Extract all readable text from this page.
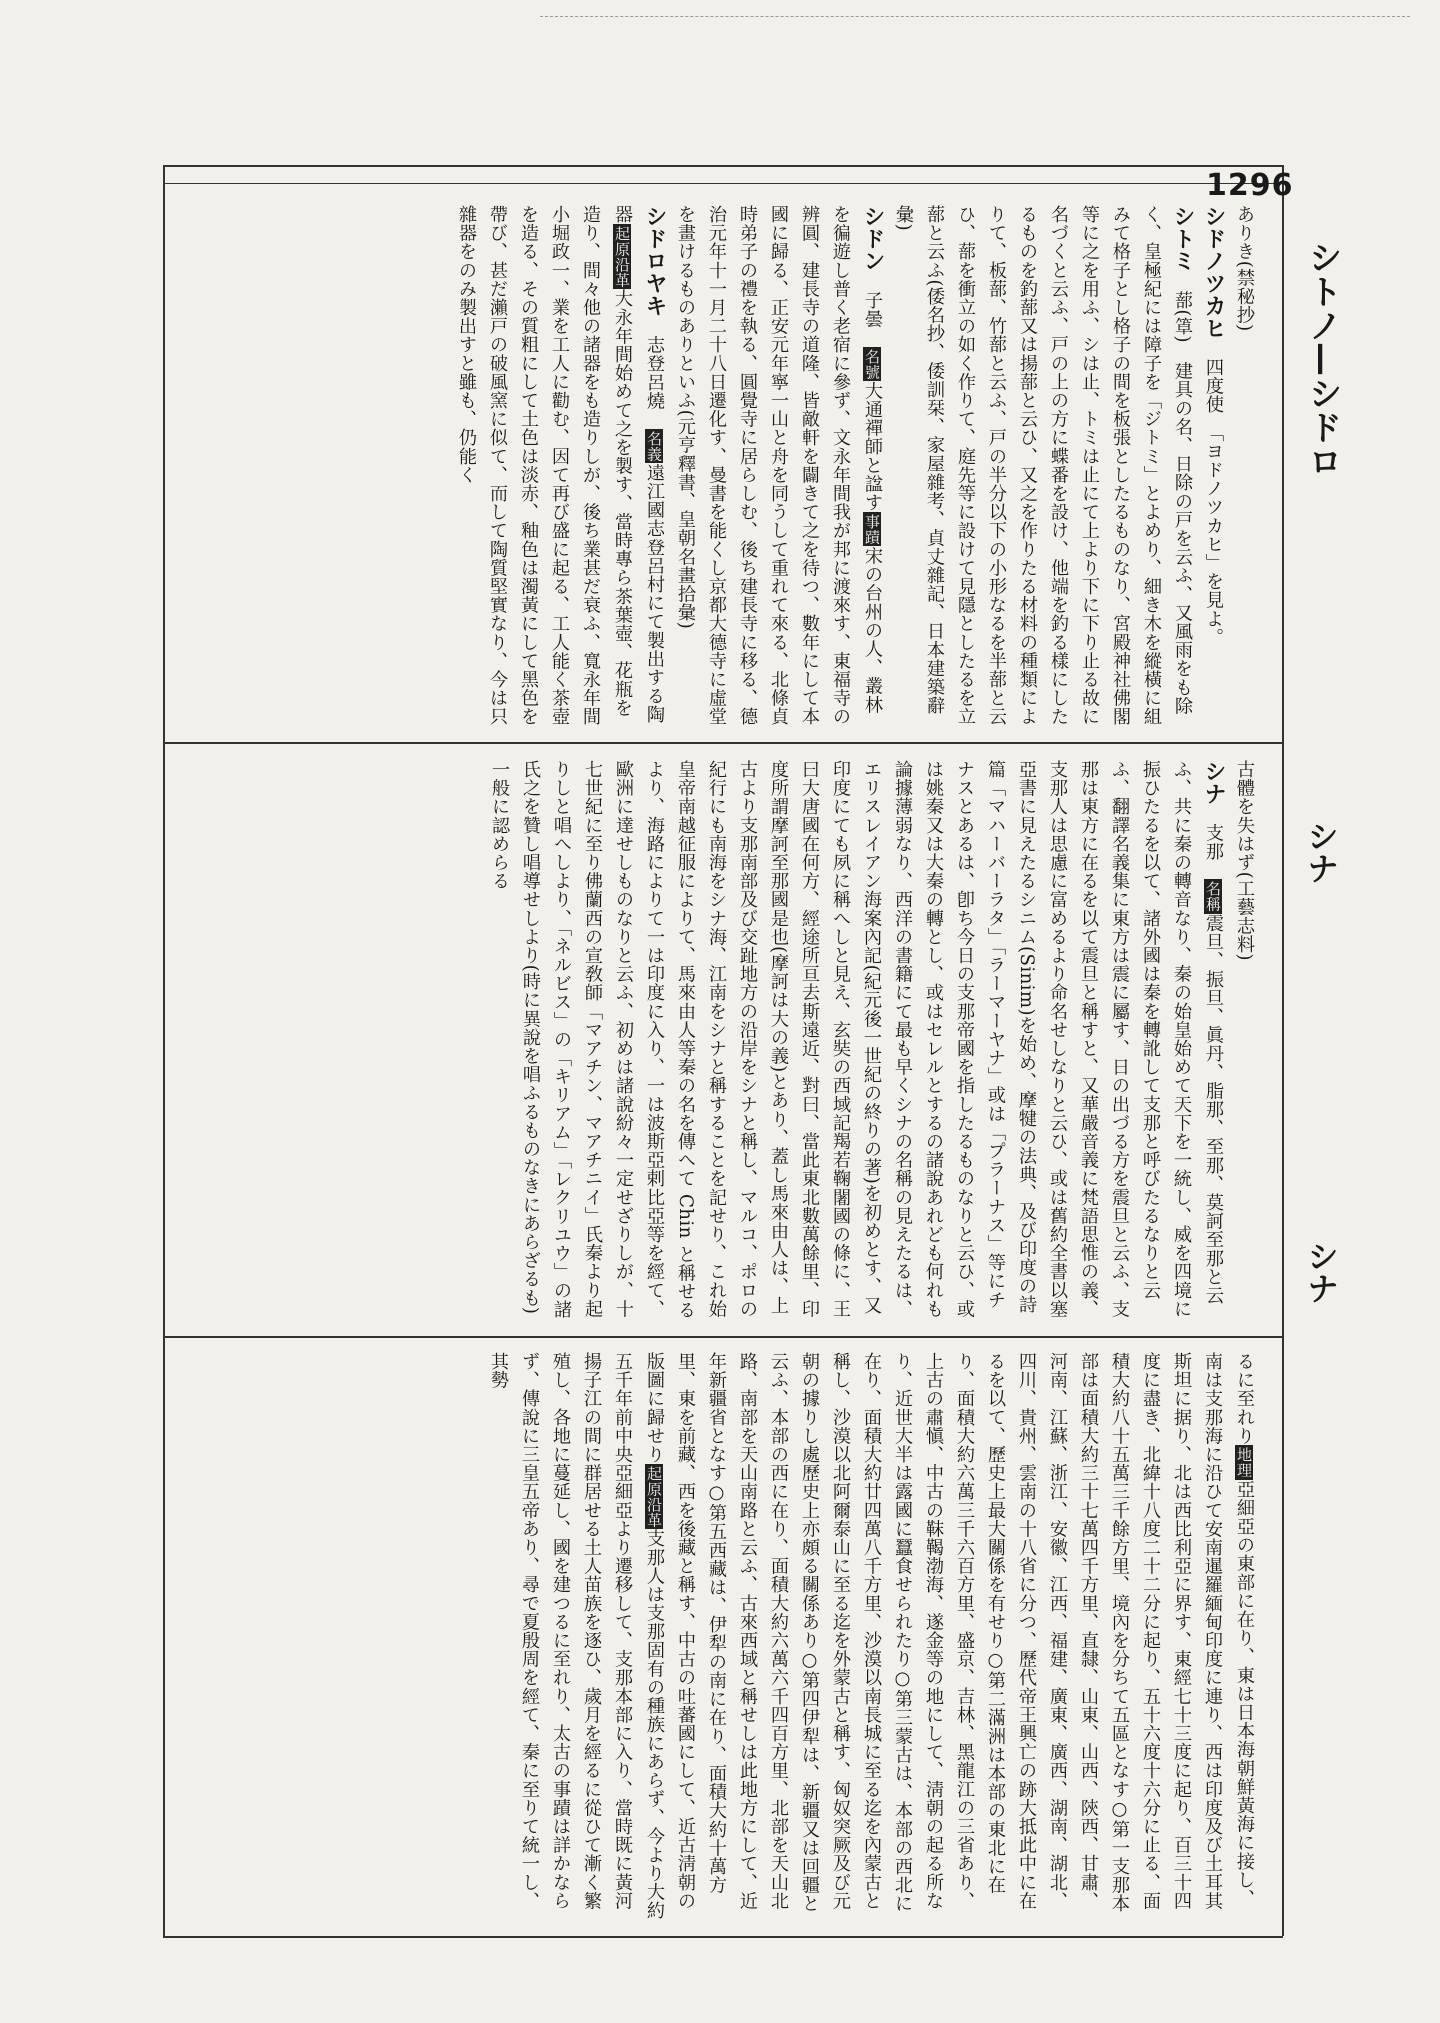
1296
シトノ—シドロ
シナ
シナ
ありき(禁秘抄)
シドノツカヒ　四度使　「ヨドノツカヒ」を見よ。
シトミ　蔀(䈇)　建具の名、日除の戸を云ふ、又風雨をも除く、皇極紀には障子を「ジトミ」とよめり、細き木を縱橫に組みて格子とし格子の間を板張としたるものなり、宮殿神社佛閣等に之を用ふ、シは止、トミは止にて上より下に下り止る故に名づくと云ふ、戸の上の方に蝶番を設け、他端を釣る樣にしたるものを釣蔀又は揚蔀と云ひ、又之を作りたる材料の種類によりて、板蔀、竹蔀と云ふ、戸の半分以下の小形なるを半蔀と云ひ、蔀を衝立の如く作りて、庭先等に設けて見隱としたるを立蔀と云ふ(倭名抄、倭訓栞、家屋雜考、貞丈雜記、日本建築辭彙)
シドン　子曇　名號大通禪師と諡す事蹟宋の台州の人、叢林を徧遊し普く老宿に參ず、文永年間我が邦に渡來す、東福寺の辨圓、建長寺の道隆、皆敵軒を闢きて之を待つ、數年にして本國に歸る、正安元年寧一山と舟を同うして重れて來る、北條貞時弟子の禮を執る、圓覺寺に居らしむ、後ち建長寺に移る、德治元年十一月二十八日遷化す、曼書を能くし京都大德寺に虛堂を畫けるものありといふ(元亨釋書、皇朝名畫拾彙)
シドロヤキ　志登呂燒　名義遠江國志登呂村にて製出する陶器起原沿革大永年間始めて之を製す、當時專ら茶葉壺、花瓶を造り、間々他の諸器をも造りしが、後ち業甚だ衰ふ、寬永年間小堀政一、業を工人に勸む、因て再び盛に起る、工人能く茶壺を造る、その質粗にして土色は淡赤、釉色は濁黃にして黑色を帶び、甚だ瀨戸の破風窯に似て、而して陶質堅實なり、今は只雜器をのみ製出すと雖も、仍能く
古體を失はず(工藝志料)
シナ　支那　名稱震旦、振旦、眞丹、脂那、至那、莫訶至那と云ふ、共に秦の轉音なり、秦の始皇始めて天下を一統し、威を四境に振ひたるを以て、諸外國は秦を轉訛して支那と呼びたるなりと云ふ、翻譯名義集に東方は震に屬す、日の出づる方を震旦と云ふ、支那は東方に在るを以て震旦と稱すと、又華嚴音義に梵語思惟の義、支那人は思慮に富めるより命名せしなりと云ひ、或は舊約全書以塞亞書に見えたるシニム(Sinim)を始め、摩犍の法典、及び印度の詩篇「マハーバーラタ」「ラーマーヤナ」或は「プラーナス」等にチナスとあるは、卽ち今日の支那帝國を指したるものなりと云ひ、或は姚秦又は大秦の轉とし、或はセレルとするの諸說あれども何れも論據薄弱なり、西洋の書籍にて最も早くシナの名稱の見えたるは、エリスレイアン海案內記(紀元後一世紀の終りの著)を初めとす、又印度にても夙に稱へしと見え、玄奘の西域記羯若鞠闍國の條に、王曰大唐國在何方、經途所亘去斯遠近、對曰、當此東北數萬餘里、印度所謂摩訶至那國是也(摩訶は大の義)とあり、蓋し馬來由人は、上古より支那南部及び交趾地方の沿岸をシナと稱し、マルコ、ポロの紀行にも南海をシナ海、江南をシナと稱することを記せり、これ始皇帝南越征服によりて、馬來由人等秦の名を傳へて Chin と稱せるより、海路によりて一は印度に入り、一は波斯亞剌比亞等を經て、歐洲に達せしものなりと云ふ、初めは諸說紛々一定せざりしが、十七世紀に至り佛蘭西の宣敎師「マアチン、マアチニイ」氏秦より起りしと唱へしより、「ネルビス」の「キリアム」「レクリユウ」の諸氏之を贊し唱導せしより(時に異說を唱ふるものなきにあらざるも)一般に認めらる
るに至れり地理亞細亞の東部に在り、東は日本海朝鮮黃海に接し、南は支那海に沿ひて安南暹羅緬甸印度に連り、西は印度及び土耳其斯坦に据り、北は西比利亞に界す、東經七十三度に起り、百三十四度に盡き、北緯十八度二十二分に起り、五十六度十六分に止る、面積大約八十五萬三千餘方里、境內を分ちて五區となす○第一支那本部は面積大約三十七萬四千方里、直隸、山東、山西、陝西、甘肅、河南、江蘇、浙江、安徽、江西、福建、廣東、廣西、湖南、湖北、四川、貴州、雲南の十八省に分つ、歷代帝王興亡の跡大抵此中に在るを以て、歷史上最大關係を有せり○第二滿洲は本部の東北に在り、面積大約六萬三千六百方里、盛京、吉林、黑龍江の三省あり、上古の肅愼、中古の靺鞨渤海、遂金等の地にして、淸朝の起る所なり、近世大半は露國に蠶食せられたり○第三蒙古は、本部の西北に在り、面積大約廿四萬八千方里、沙漠以南長城に至る迄を內蒙古と稱し、沙漠以北阿爾泰山に至る迄を外蒙古と稱す、匈奴突厥及び元朝の據りし處歷史上亦頗る關係あり○第四伊犁は、新疆又は回疆と云ふ、本部の西に在り、面積大約六萬六千四百方里、北部を天山北路、南部を天山南路と云ふ、古來西域と稱せしは此地方にして、近年新疆省となす○第五西藏は、伊犁の南に在り、面積大約十萬方里、東を前藏、西を後藏と稱す、中古の吐蕃國にして、近古淸朝の版圖に歸せり起原沿革支那人は支那固有の種族にあらず、今より大約五千年前中央亞細亞より遷移して、支那本部に入り、當時既に黃河揚子江の間に群居せる土人苗族を逐ひ、歲月を經るに從ひて漸く繁殖し、各地に蔓延し、國を建つるに至れり、太古の事蹟は詳かならず、傳說に三皇五帝あり、尋で夏殷周を經て、秦に至りて統一し、其勢
